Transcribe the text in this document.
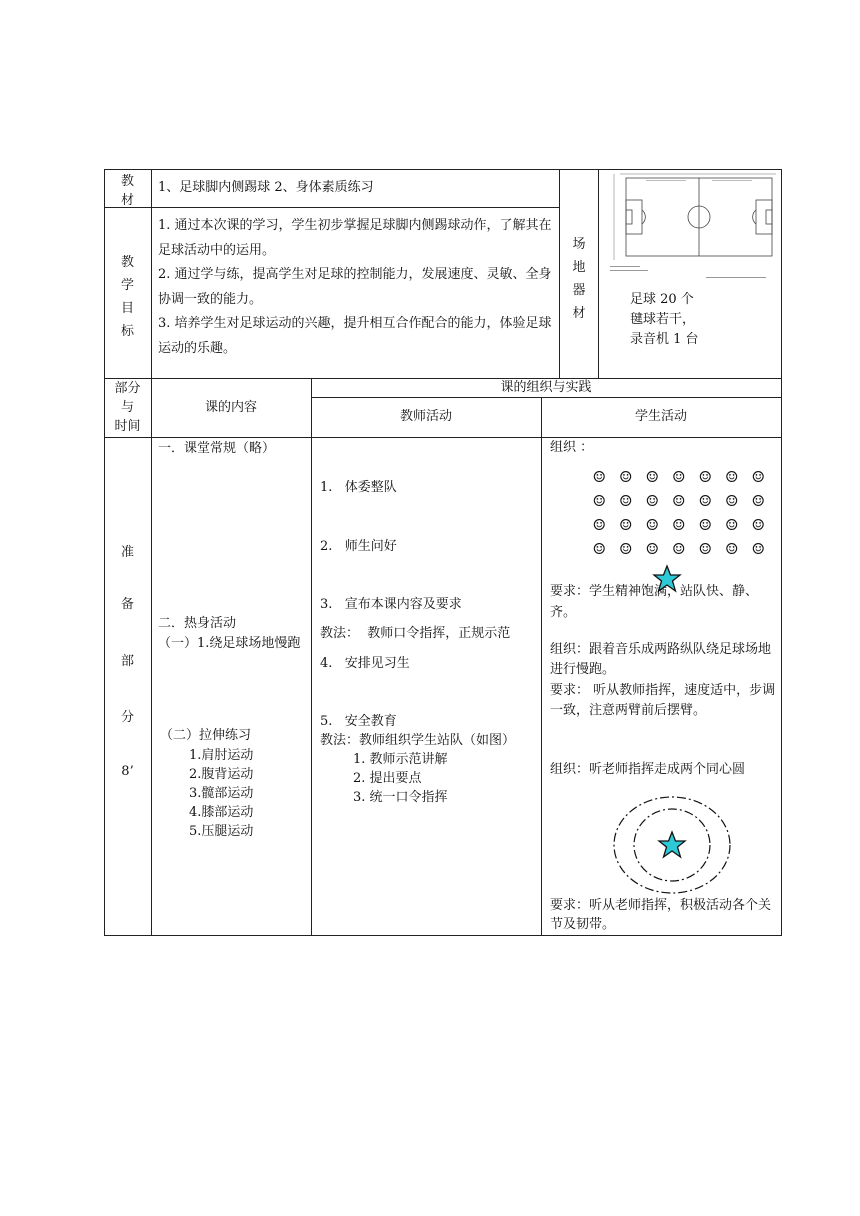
教
材
1、足球脚内侧踢球 2、身体素质练习
教
学
目
标

1. 通过本次课的学习，学生初步掌握足球脚内侧踢球动作，了解其在足球活动中的运用。

2. 通过学与练，提高学生对足球的控制能力，发展速度、灵敏、全身协调一致的能力。

3. 培养学生对足球运动的兴趣，提升相互合作配合的能力，体验足球运动的乐趣。

场
地
器
材
足球 20 个
毽球若干，
录音机 1 台
部分
与
时间
课的内容
课的组织与实践
教师活动	学生活动
准
备
部
分
8’
一．课堂常规（略）
二．热身活动
（一）1.绕足球场地慢跑
（二）拉伸练习
1.肩肘运动
2.腹背运动
3.髋部运动
4.膝部运动
5.压腿运动

1.   体委整队

2.   师生问好

3.   宣布本课内容及要求

4.   安排见习生

5.   安全教育

教法：  教师口令指挥，正规示范
教法：教师组织学生站队（如图）
1. 教师示范讲解
2. 提出要点
3. 统一口令指挥
组织 ：
☺ ☺ ☺ ☺ ☺ ☺ ☺
☺ ☺ ☺ ☺ ☺ ☺ ☺
☺ ☺ ☺ ☺ ☺ ☺ ☺
☺ ☺ ☺ ☺ ☺ ☺ ☺
要求：学生精神饱满，站队快、静、齐。
组织：跟着音乐成两路纵队绕足球场地进行慢跑。
要求： 听从教师指挥，速度适中，步调一致，注意两臂前后摆臂。
组织：听老师指挥走成两个同心圆
要求：听从老师指挥，积极活动各个关节及韧带。
